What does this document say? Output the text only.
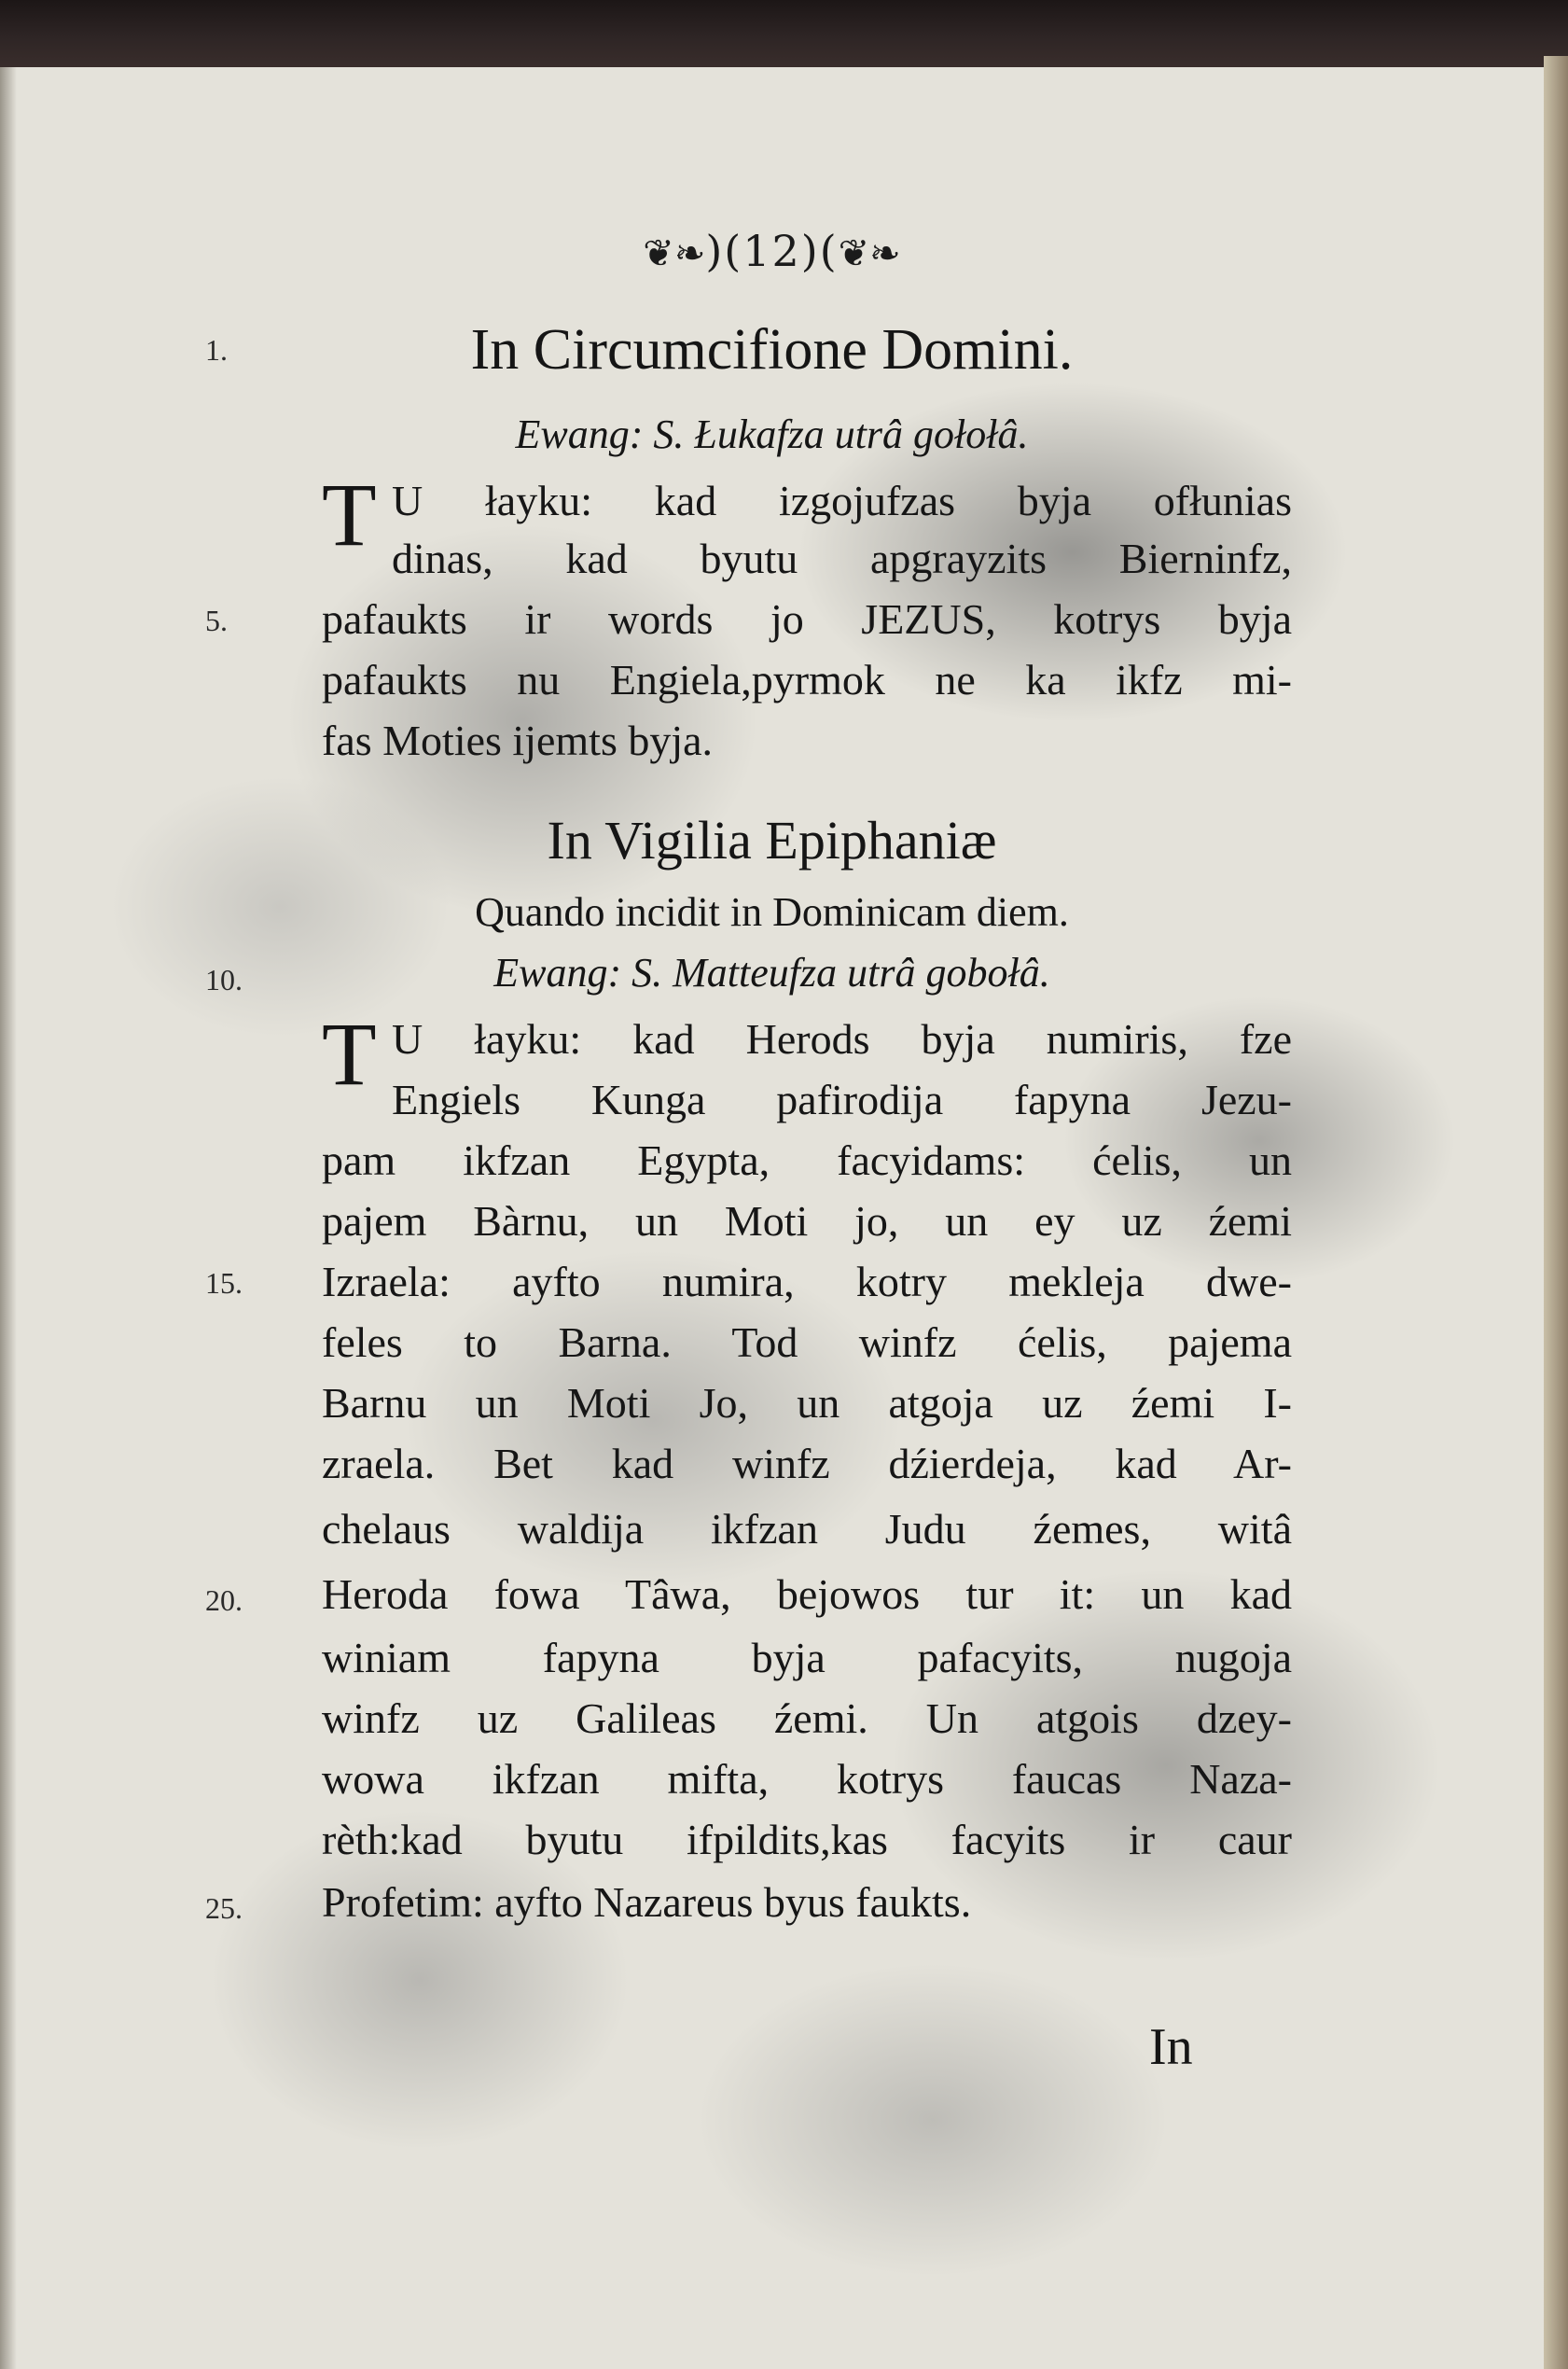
❦❧)(12)(❦❧
1.
5.
10.
15.
20.
25.
In Circumcifione Domini.
Ewang: S. Łukafza utrâ gołołâ.
T U łayku: kad izgojufzas byja ofłunias
dinas, kad byutu apgrayzits Bierninfz,
pafaukts ir words jo JEZUS, kotrys byja
pafaukts nu Engiela,pyrmok ne ka ikfz mi-
fas Moties ijemts byja.
In Vigilia Epiphaniæ
Quando incidit in Dominicam diem.
Ewang: S. Matteufza utrâ gobołâ.
T U łayku: kad Herods byja numiris, fze
Engiels Kunga pafirodija fapyna Jezu-
pam ikfzan Egypta, facyidams: ćelis, un
pajem Bàrnu, un Moti jo, un ey uz źemi
Izraela: ayfto numira, kotry mekleja dwe-
feles to Barna. Tod winfz ćelis, pajema
Barnu un Moti Jo, un atgoja uz źemi I-
zraela. Bet kad winfz dźierdeja, kad Ar-
chelaus waldija ikfzan Judu źemes, witâ
Heroda fowa Tâwa, bejowos tur it: un kad
winiam fapyna byja pafacyits, nugoja
winfz uz Galileas źemi. Un atgois dzey-
wowa ikfzan mifta, kotrys faucas Naza-
rèth:kad byutu ifpildits,kas facyits ir caur
Profetim: ayfto Nazareus byus faukts.
In
